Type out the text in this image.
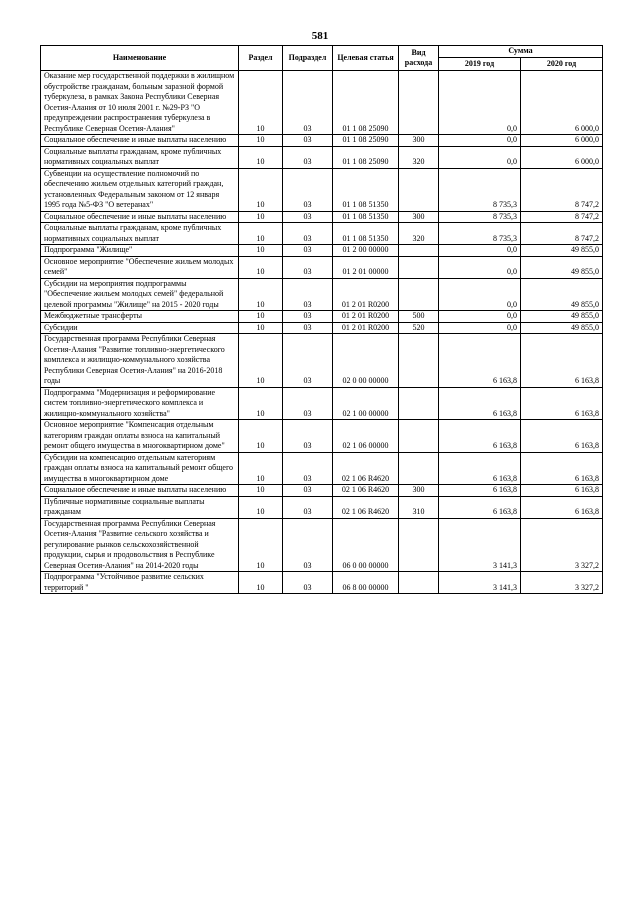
581
Наименование	Раздел	Подраздел	Целевая статья	Вид расхода	Сумма	
					2019 год	2020 год
Оказание мер государственной поддержки в жилищном обустройстве гражданам, больным заразной формой туберкулеза, в рамках Закона Республики Северная Осетия-Алания от 10 июля 2001 г. №29-РЗ "О предупреждении распространения туберкулеза в Республике Северная Осетия-Алания"	10	03	01 1 08 25090		0,0	6 000,0
Социальное обеспечение и иные выплаты населению	10	03	01 1 08 25090	300	0,0	6 000,0
Социальные выплаты гражданам, кроме публичных нормативных социальных выплат	10	03	01 1 08 25090	320	0,0	6 000,0
Субвенции на осуществление полномочий по обеспечению жильем отдельных категорий граждан, установленных Федеральным законом от 12 января 1995 года №5-ФЗ "О ветеранах"	10	03	01 1 08 51350		8 735,3	8 747,2
Социальное обеспечение и иные выплаты населению	10	03	01 1 08 51350	300	8 735,3	8 747,2
Социальные выплаты гражданам, кроме публичных нормативных социальных выплат	10	03	01 1 08 51350	320	8 735,3	8 747,2
Подпрограмма "Жилище"	10	03	01 2 00 00000		0,0	49 855,0
Основное мероприятие "Обеспечение жильем молодых семей"	10	03	01 2 01 00000		0,0	49 855,0
Субсидии на мероприятия подпрограммы "Обеспечение жильем молодых семей" федеральной целевой программы "Жилище" на 2015 - 2020 годы	10	03	01 2 01 R0200		0,0	49 855,0
Межбюджетные трансферты	10	03	01 2 01 R0200	500	0,0	49 855,0
Субсидии	10	03	01 2 01 R0200	520	0,0	49 855,0
Государственная программа Республики Северная Осетия-Алания "Развитие топливно-энергетического комплекса и жилищно-коммунального хозяйства Республики Северная Осетия-Алания" на 2016-2018 годы	10	03	02 0 00 00000		6 163,8	6 163,8
Подпрограмма "Модернизация и реформирование систем топливно-энергетического комплекса и жилищно-коммунального хозяйства"	10	03	02 1 00 00000		6 163,8	6 163,8
Основное мероприятие "Компенсация отдельным категориям граждан оплаты взноса на капитальный ремонт общего имущества в многоквартирном доме"	10	03	02 1 06 00000		6 163,8	6 163,8
Субсидии на компенсацию отдельным категориям граждан оплаты взноса на капитальный ремонт общего имущества в многоквартирном доме	10	03	02 1 06 R4620		6 163,8	6 163,8
Социальное обеспечение и иные выплаты населению	10	03	02 1 06 R4620	300	6 163,8	6 163,8
Публичные нормативные социальные выплаты гражданам	10	03	02 1 06 R4620	310	6 163,8	6 163,8
Государственная программа Республики Северная Осетия-Алания "Развитие сельского хозяйства и регулирование рынков сельскохозяйственной продукции, сырья и продовольствия в Республике Северная Осетия-Алания" на 2014-2020 годы	10	03	06 0 00 00000		3 141,3	3 327,2
Подпрограмма "Устойчивое развитие сельских территорий "	10	03	06 8 00 00000		3 141,3	3 327,2
